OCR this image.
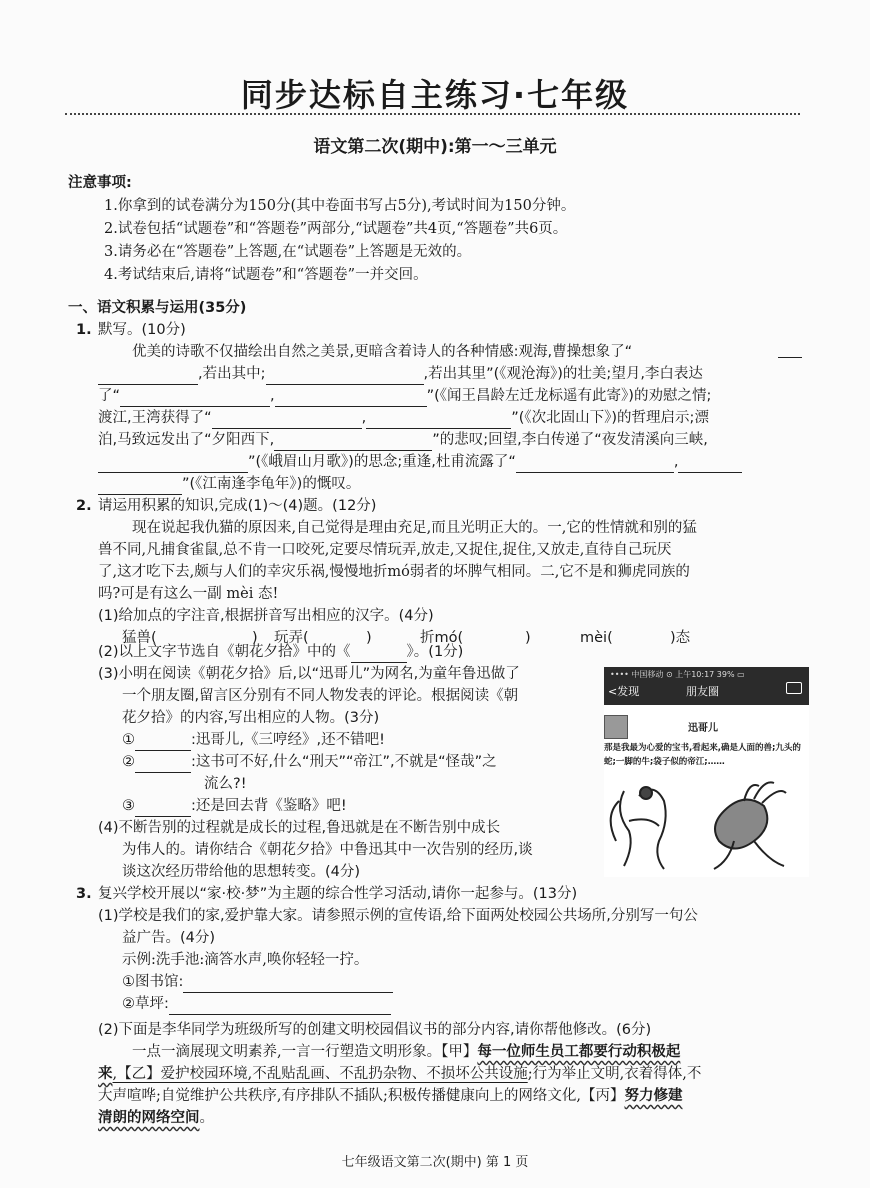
同步达标自主练习·七年级
语文第二次(期中):第一～三单元
注意事项:
1.你拿到的试卷满分为150分(其中卷面书写占5分),考试时间为150分钟。
2.试卷包括“试题卷”和“答题卷”两部分,“试题卷”共4页,“答题卷”共6页。
3.请务必在“答题卷”上答题,在“试题卷”上答题是无效的。
4.考试结束后,请将“试题卷”和“答题卷”一并交回。
一、语文积累与运用(35分)
1. 默写。(10分)
优美的诗歌不仅描绘出自然之美景,更暗含着诗人的各种情感:观海,曹操想象了“
,若出其中;	,若出其里”(《观沧海》)的壮美;望月,李白表达
了“	,	”(《闻王昌龄左迁龙标遥有此寄》)的劝慰之情;
渡江,王湾获得了“	,	”(《次北固山下》)的哲理启示;漂
泊,马致远发出了“夕阳西下,	”的悲叹;回望,李白传递了“夜发清溪向三峡,
”(《峨眉山月歌》)的思念;重逢,杜甫流露了“	,
”(《江南逢李龟年》)的慨叹。
2. 请运用积累的知识,完成(1)～(4)题。(12分)
现在说起我仇猫的原因来,自己觉得是理由充足,而且光明正大的。一,它的性情就和别的猛
兽不同,凡捕食雀鼠,总不肯一口咬死,定要尽情玩弄,放走,又捉住,捉住,又放走,直待自己玩厌
了,这才吃下去,颇与人们的幸灾乐祸,慢慢地折mó弱者的坏脾气相同。二,它不是和狮虎同族的
吗?可是有这么一副 mèi 态!
(1)给加点的字注音,根据拼音写出相应的汉字。(4分)
猛兽(	) 玩弄(	)	折mó(	)	mèi(	)态
(2)以上文字节选自《朝花夕拾》中的《	》。(1分)
(3)小明在阅读《朝花夕拾》后,以“迅哥儿”为网名,为童年鲁迅做了
一个朋友圈,留言区分别有不同人物发表的评论。根据阅读《朝
花夕拾》的内容,写出相应的人物。(3分)
①	:迅哥儿,《三哼经》,还不错吧!
②	:这书可不好,什么“刑天”“帝江”,不就是“怪哉”之
流么?!
③	:还是回去背《鉴略》吧!
(4)不断告别的过程就是成长的过程,鲁迅就是在不断告别中成长
为伟人的。请你结合《朝花夕拾》中鲁迅其中一次告别的经历,谈
谈这次经历带给他的思想转变。(4分)
•••• 中国移动 ⊙ 上午10:17 39% ▭
<发现	朋友圈
迅哥儿
那是我最为心爱的宝书,看起来,确是人面的兽;九头的蛇;一脚的牛;袋子似的帝江;……
3. 复兴学校开展以“家·校·梦”为主题的综合性学习活动,请你一起参与。(13分)
(1)学校是我们的家,爱护靠大家。请参照示例的宣传语,给下面两处校园公共场所,分别写一句公
益广告。(4分)
示例:洗手池:滴答水声,唤你轻轻一拧。
①图书馆:
②草坪:
(2)下面是李华同学为班级所写的创建文明校园倡议书的部分内容,请你帮他修改。(6分)
一点一滴展现文明素养,一言一行塑造文明形象。【甲】每一位师生员工都要行动积极起
来,【乙】爱护校园环境,不乱贴乱画、不乱扔杂物、不损坏公共设施;行为举止文明,衣着得体,不
大声喧哗;自觉维护公共秩序,有序排队不插队;积极传播健康向上的网络文化,【丙】努力修建
清朗的网络空间。
七年级语文第二次(期中) 第 1 页
